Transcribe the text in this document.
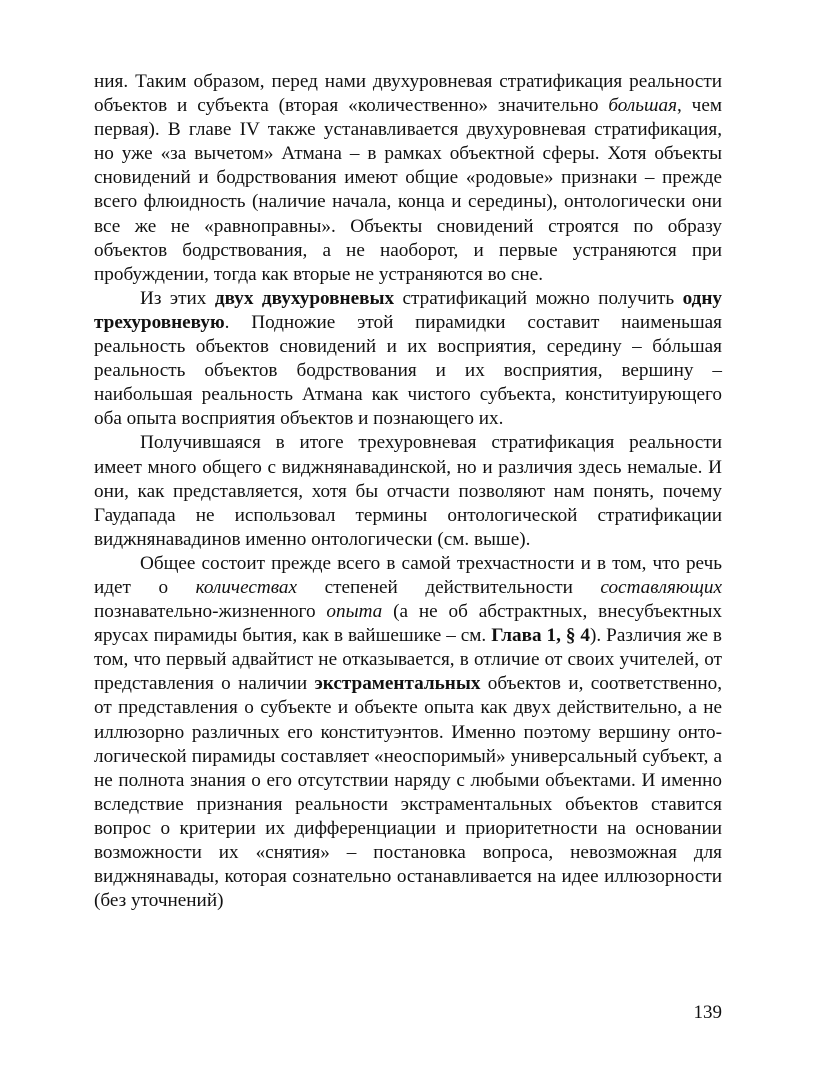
ния. Таким образом, перед нами двухуровневая стратификация реальности объектов и субъекта (вторая «количественно» значительно большая, чем первая). В главе IV также устанавливается двухуровневая стратификация, но уже «за вычетом» Атмана – в рамках объектной сферы. Хотя объекты сновидений и бодрствования имеют общие «родовые» признаки – прежде всего флюидность (наличие начала, конца и середины), онтологически они все же не «равноправны». Объекты сновидений строятся по образу объектов бодрствования, а не наоборот, и первые устраняются при пробуждении, тогда как вторые не устраняются во сне.

Из этих двух двухуровневых стратификаций можно получить одну трехуровневую. Подножие этой пирамидки составит наименьшая реальность объектов сновидений и их восприятия, середину – бóльшая реальность объектов бодрствования и их восприятия, вершину – наибольшая реальность Атмана как чистого субъекта, конституирующего оба опыта восприятия объектов и познающего их.

Получившаяся в итоге трехуровневая стратификация реальности имеет много общего с виджнянавадинской, но и различия здесь немалые. И они, как представляется, хотя бы отчасти позволяют нам понять, почему Гаудапада не использовал термины онтологической стратификации виджнянавадинов именно онтологически (см. выше).

Общее состоит прежде всего в самой трехчастности и в том, что речь идет о количествах степеней действительности составляющих познавательно-жизненного опыта (а не об абстрактных, внесубъектных ярусах пирамиды бытия, как в вайшешике – см. Глава 1, § 4). Различия же в том, что первый адвайтист не отказывается, в отличие от своих учителей, от представления о наличии экстраментальных объектов и, соответственно, от представления о субъекте и объекте опыта как двух действительно, а не иллюзорно различных его конституэнтов. Именно поэтому вершину онтологической пирамиды составляет «неоспоримый» универсальный субъект, а не полнота знания о его отсутствии наряду с любыми объектами. И именно вследствие признания реальности экстраментальных объектов ставится вопрос о критерии их дифференциации и приоритетности на основании возможности их «снятия» – постановка вопроса, невозможная для виджнянавады, которая сознательно останавливается на идее иллюзорности (без уточнений)

139
